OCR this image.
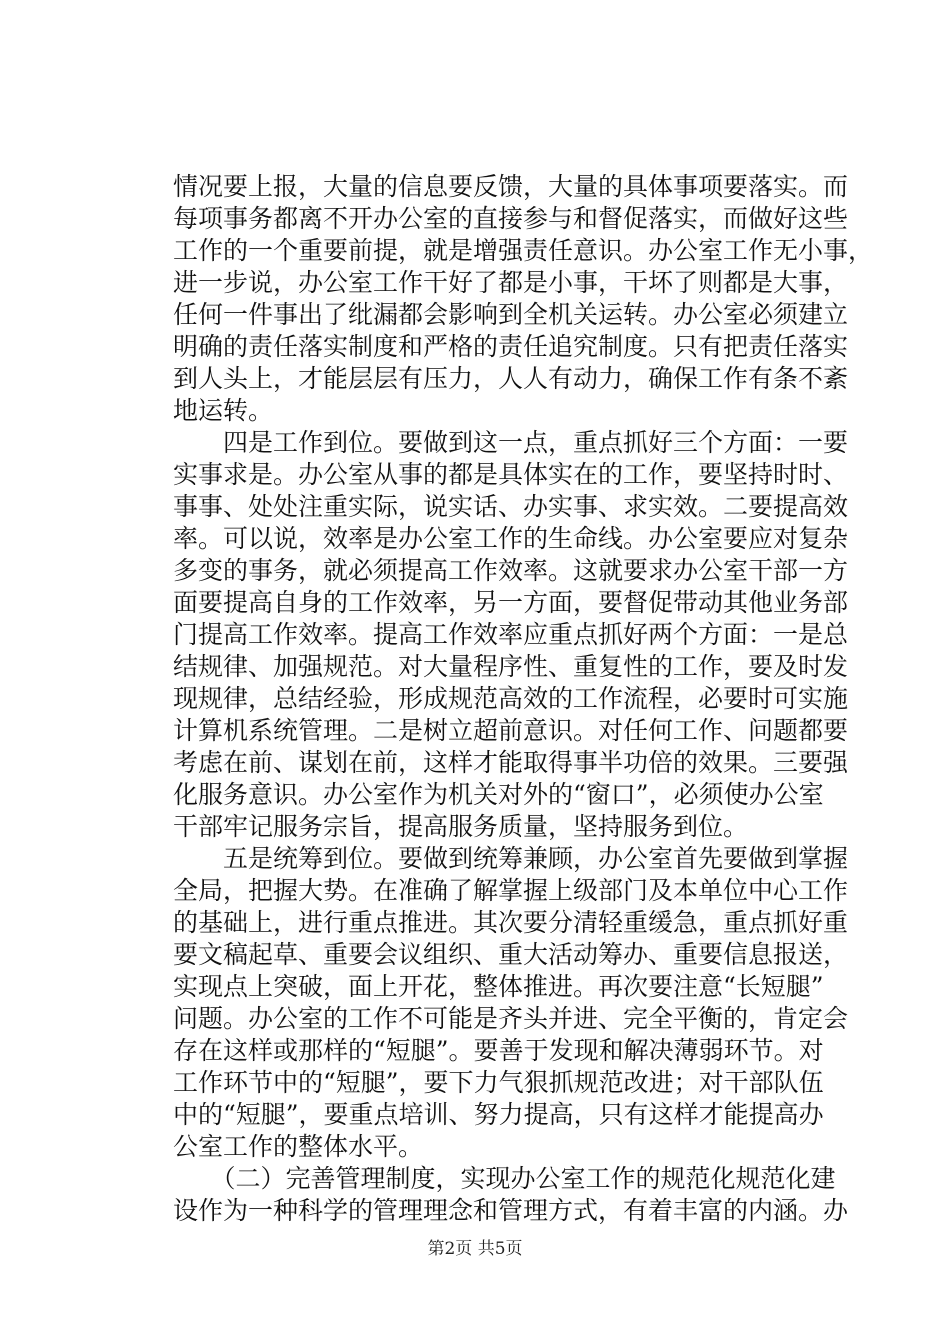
情况要上报，大量的信息要反馈，大量的具体事项要落实。而
每项事务都离不开办公室的直接参与和督促落实，而做好这些
工作的一个重要前提，就是增强责任意识。办公室工作无小事，
进一步说，办公室工作干好了都是小事，干坏了则都是大事，
任何一件事出了纰漏都会影响到全机关运转。办公室必须建立
明确的责任落实制度和严格的责任追究制度。只有把责任落实
到人头上，才能层层有压力，人人有动力，确保工作有条不紊
地运转。
　　四是工作到位。要做到这一点，重点抓好三个方面：一要
实事求是。办公室从事的都是具体实在的工作，要坚持时时、
事事、处处注重实际，说实话、办实事、求实效。二要提高效
率。可以说，效率是办公室工作的生命线。办公室要应对复杂
多变的事务，就必须提高工作效率。这就要求办公室干部一方
面要提高自身的工作效率，另一方面，要督促带动其他业务部
门提高工作效率。提高工作效率应重点抓好两个方面：一是总
结规律、加强规范。对大量程序性、重复性的工作，要及时发
现规律，总结经验，形成规范高效的工作流程，必要时可实施
计算机系统管理。二是树立超前意识。对任何工作、问题都要
考虑在前、谋划在前，这样才能取得事半功倍的效果。三要强
化服务意识。办公室作为机关对外的“窗口”，必须使办公室
干部牢记服务宗旨，提高服务质量，坚持服务到位。
　　五是统筹到位。要做到统筹兼顾，办公室首先要做到掌握
全局，把握大势。在准确了解掌握上级部门及本单位中心工作
的基础上，进行重点推进。其次要分清轻重缓急，重点抓好重
要文稿起草、重要会议组织、重大活动筹办、重要信息报送，
实现点上突破，面上开花，整体推进。再次要注意“长短腿”
问题。办公室的工作不可能是齐头并进、完全平衡的，肯定会
存在这样或那样的“短腿”。要善于发现和解决薄弱环节。对
工作环节中的“短腿”，要下力气狠抓规范改进；对干部队伍
中的“短腿”，要重点培训、努力提高，只有这样才能提高办
公室工作的整体水平。
　　（二）完善管理制度，实现办公室工作的规范化规范化建
设作为一种科学的管理理念和管理方式，有着丰富的内涵。办
第2页 共5页
